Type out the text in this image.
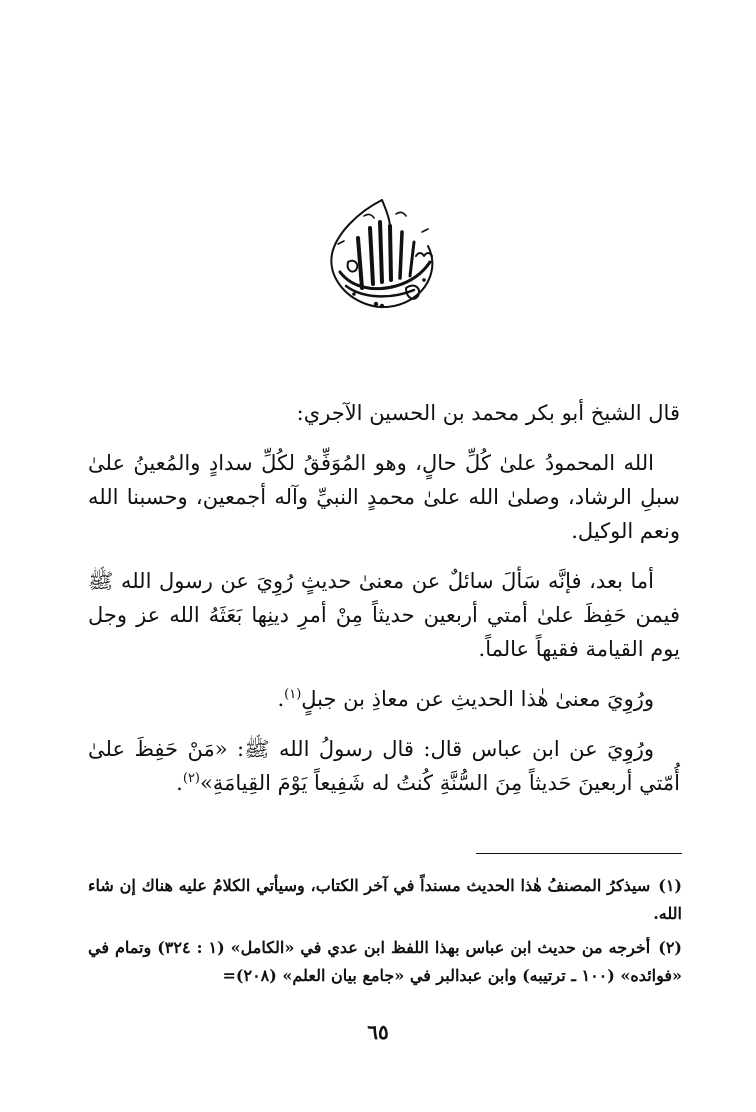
قال الشيخ أبو بكر محمد بن الحسين الآجري:

الله المحمودُ علىٰ كُلِّ حالٍ، وهو المُوَفِّقُ لكُلِّ سدادٍ والمُعينُ علىٰ سبلِ الرشاد، وصلىٰ الله علىٰ محمدٍ النبيِّ وآله أجمعين، وحسبنا الله ونعم الوكيل.

أما بعد، فإنَّه سَألَ سائلٌ عن معنىٰ حديثٍ رُوِيَ عن رسول الله ﷺ فيمن حَفِظَ علىٰ أمتي أربعين حديثاً مِنْ أمرِ دينِها بَعَثَهُ الله عز وجل يوم القيامة فقيهاً عالماً.

ورُوِيَ معنىٰ هٰذا الحديثِ عن معاذِ بن جبلٍ$^{(١)}$.

ورُوِيَ عن ابن عباس قال: قال رسولُ الله ﷺ: «مَنْ حَفِظَ علىٰ أُمّتي أربعينَ حَديثاً مِنَ السُّنَّةِ كُنتُ له شَفِيعاً يَوْمَ القِيامَةِ»$^{(٢)}$.

(١)سيذكرُ المصنفُ هٰذا الحديث مسنداً في آخر الكتاب، وسيأتي الكلامُ عليه هناك إن شاء الله.

(٢)أخرجه من حديث ابن عباس بهذا اللفظ ابن عدي في «الكامل» (١ : ٣٢٤) وتمام في «فوائده» (١٠٠ ـ ترتيبه) وابن عبدالبر في «جامع بيان العلم» (٢٠٨)=

٦٥
